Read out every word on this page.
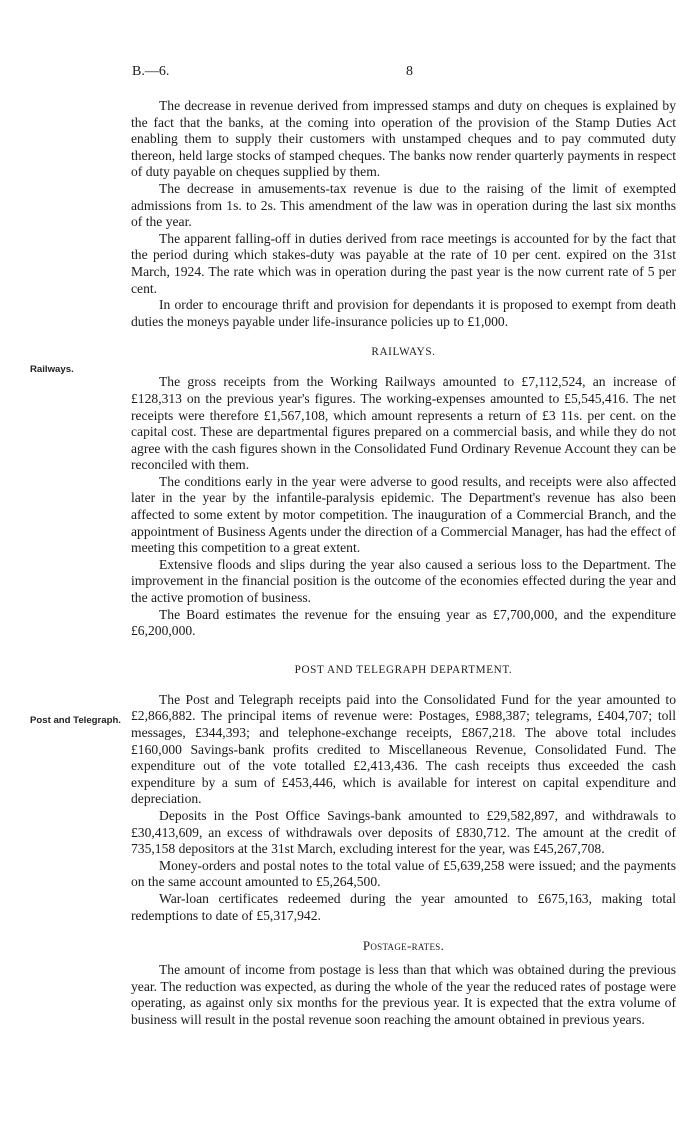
B.—6.	8
Railways.
Post and Telegraph.

The decrease in revenue derived from impressed stamps and duty on cheques is explained by the fact that the banks, at the coming into operation of the provision of the Stamp Duties Act enabling them to supply their customers with unstamped cheques and to pay commuted duty thereon, held large stocks of stamped cheques. The banks now render quarterly payments in respect of duty payable on cheques supplied by them.

The decrease in amusements-tax revenue is due to the raising of the limit of exempted admissions from 1s. to 2s. This amendment of the law was in operation during the last six months of the year.

The apparent falling-off in duties derived from race meetings is accounted for by the fact that the period during which stakes-duty was payable at the rate of 10 per cent. expired on the 31st March, 1924. The rate which was in operation during the past year is the now current rate of 5 per cent.

In order to encourage thrift and provision for dependants it is proposed to exempt from death duties the moneys payable under life-insurance policies up to £1,000.

RAILWAYS.

The gross receipts from the Working Railways amounted to £7,112,524, an increase of £128,313 on the previous year's figures. The working-expenses amounted to £5,545,416. The net receipts were therefore £1,567,108, which amount represents a return of £3 11s. per cent. on the capital cost. These are departmental figures prepared on a commercial basis, and while they do not agree with the cash figures shown in the Consolidated Fund Ordinary Revenue Account they can be reconciled with them.

The conditions early in the year were adverse to good results, and receipts were also affected later in the year by the infantile-paralysis epidemic. The Department's revenue has also been affected to some extent by motor competition. The inauguration of a Commercial Branch, and the appointment of Business Agents under the direction of a Commercial Manager, has had the effect of meeting this competition to a great extent.

Extensive floods and slips during the year also caused a serious loss to the Department. The improvement in the financial position is the outcome of the economies effected during the year and the active promotion of business.

The Board estimates the revenue for the ensuing year as £7,700,000, and the expenditure £6,200,000.

POST AND TELEGRAPH DEPARTMENT.

The Post and Telegraph receipts paid into the Consolidated Fund for the year amounted to £2,866,882. The principal items of revenue were: Postages, £988,387; telegrams, £404,707; toll messages, £344,393; and telephone-exchange receipts, £867,218. The above total includes £160,000 Savings-bank profits credited to Miscellaneous Revenue, Consolidated Fund. The expenditure out of the vote totalled £2,413,436. The cash receipts thus exceeded the cash expenditure by a sum of £453,446, which is available for interest on capital expenditure and depreciation.

Deposits in the Post Office Savings-bank amounted to £29,582,897, and withdrawals to £30,413,609, an excess of withdrawals over deposits of £830,712. The amount at the credit of 735,158 depositors at the 31st March, excluding interest for the year, was £45,267,708.

Money-orders and postal notes to the total value of £5,639,258 were issued; and the payments on the same account amounted to £5,264,500.

War-loan certificates redeemed during the year amounted to £675,163, making total redemptions to date of £5,317,942.

Postage-rates.

The amount of income from postage is less than that which was obtained during the previous year. The reduction was expected, as during the whole of the year the reduced rates of postage were operating, as against only six months for the previous year. It is expected that the extra volume of business will result in the postal revenue soon reaching the amount obtained in previous years.
